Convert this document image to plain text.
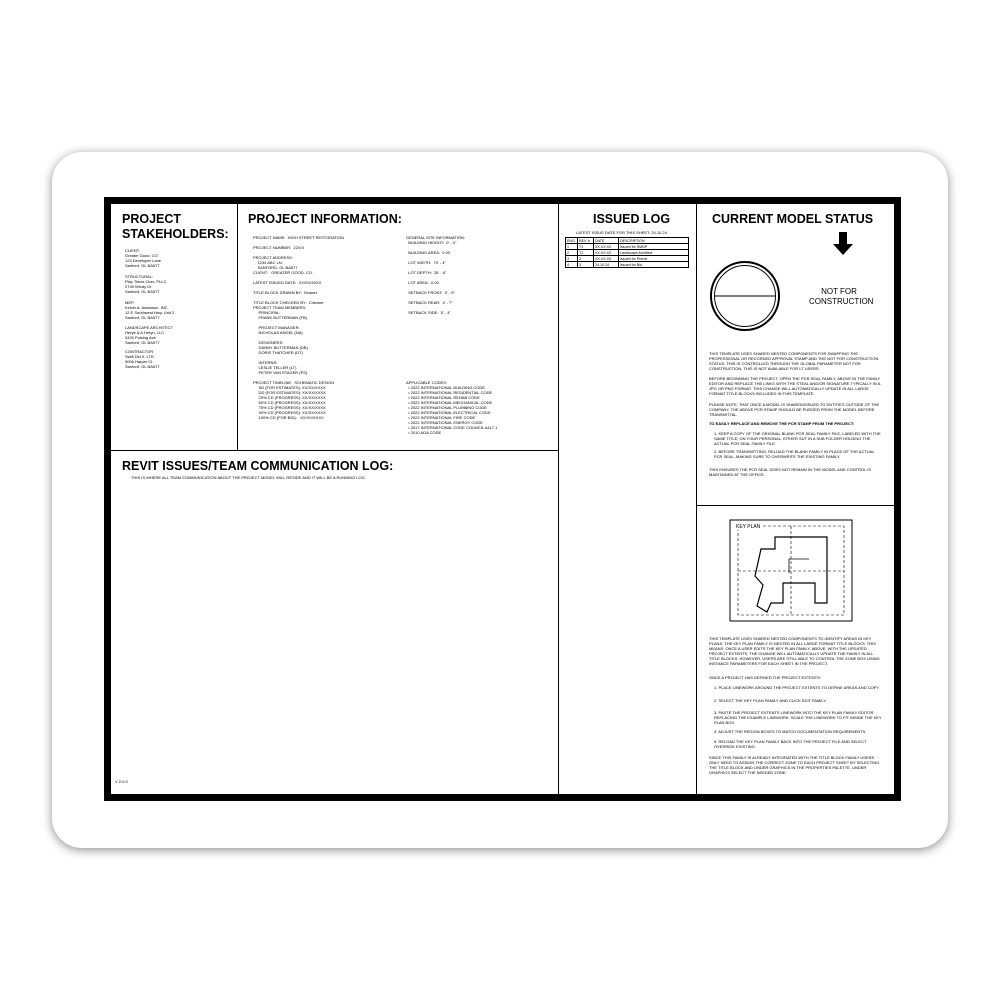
PROJECT
STAKEHOLDERS:
CLIENT:
Greater Good, CO
123 Developer Lane
Sanford, GL BA577
STRUCTURAL:
Play Times Over, PLLC
2749 Windy Dr
Sanford, GL BA577
MEP:
Kelvin A. Adamson, INC
12 E Southwest Hwy, Unit 2
Sanford, GL BA577
LANDSCAPE ARCHITECT
Herye & A Heryn, LLC
3420 Pulsing Ave
Sanford, GL BA577
CONTRACTOR:
Swift Dirt II, LTD
3006 Harper Ct
Sanford, GL BA577
PROJECT INFORMATION:
PROJECT NAME:  HIGH STREET RESTORATION

PROJECT NUMBER:  22/XX

PROJECT ADDRESS:
1234 ABC LN.
SANFORD, GL BA577
CLIENT:   GREATER GOOD, CO.

LATEST ISSUED DATE:  XX/XX/20XX

TITLE BLOCK DRAWN BY:  Drawer

TITLE BLOCK CHECKED BY:  Checker
PROJECT TEAM MEMBERS:
PRINCIPAL:
FRANK BUTTERMAN (FB)

PROJECT MANAGER:
NICHOLAS ANGEL (NA)

DESIGNERS:
DANNY BUTTERMAN (DB)
DORIS THATCHER (DT)

INTERNS:
LESLIE TELLER (LT)
PETER VAN STAGER (PS)
PROJECT TIMELINE:  SCHEMATIC DESIGN
SD (FOR ESTIMATES): XX/XX/XXXX
DD (FOR ESTIMATES): XX/XX/XXXX
25% CD (PROGRESS): XX/XX/XXXX
50% CD (PROGRESS): XX/XX/XXXX
75% CD (PROGRESS): XX/XX/XXXX
90% CD (PROGRESS): XX/XX/XXXX
100% CD (FOR BID):   XX/XX/XXXX
GENERAL SITE INFORMATION:
BUILDING HEIGHT:  0' - 0"

BUILDING AREA:  0.00

LOT WIDTH:  70' - 4"

LOT DEPTH:  26' - 6"

LOT AREA:  0.00

SETBACK FRONT:  5' - 5"

SETBACK REAR:  4' - 7"

SETBACK SIDE:  5' - 4"
APPLICABLE CODES:
• 2022 INTERNATIONAL BUILDING CODE
• 2022 INTERNATIONAL RESIDENTIAL CODE
• 2022 INTERNATIONAL REHAB CODE
• 2022 INTERNATIONAL MECHANICAL CODE
• 2022 INTERNATIONAL PLUMBING CODE
• 2022 INTERNATIONAL ELECTRICAL CODE
• 2022 INTERNATIONAL FIRE CODE
• 2022 INTERNATIONAL ENERGY CODE
• 2017 INTERNATIONAL CODE COUNCIL A117.1
• 2010 ADA CODE
REVIT ISSUES/TEAM COMMUNICATION LOG:
THIS IS WHERE ALL TEAM COMMUNICATION ABOUT THE PROJECT MODEL WILL RESIDE AND IT WILL BE A RUNNING LOG.
V 2.0.0
ISSUED LOG
LATEST ISSUE DATE FOR THIS SHEET: 24.10.24
ENG	REV. #	DATE	DESCRIPTION
1	T1	XX.XX.XX	Issued for SMDP
2	T2	XX.XX.XX	Landscape Architect
3	3	XX.XX.XX	Issued for Permit
4	3	24.10.24	Issued for Bid
CURRENT MODEL STATUS
NOT FOR
CONSTRUCTION
THIS TEMPLATE USES SHARED NESTED COMPONENTS FOR SWAPPING THE PROFESSIONAL OR RECORDED APPROVAL STAMP AND THE NOT FOR CONSTRUCTION STATUS. THIS IS CONTROLLED THROUGH THE GLOBAL PARAMETER NOT FOR CONSTRUCTION. THIS IS NOT AVAILABLE FOR LT USERS.
BEFORE BEGINNING THE PROJECT, OPEN THE PCR SEAL FAMILY, ABOVE IN THE FAMILY EDITOR AND REPLACE THE LINKS WITH THE STEAL AND/OR SIGNATURE TYPICALLY IN A JPG OR PNG FORMAT. THIS CHANGE WILL AUTOMATICALLY UPDATE IN ALL LARGE FORMAT TITLE BLOCKS INCLUDED IN THIS TEMPLATE.
PLEASE NOTE, THAT ONCE A MODEL IS SHARED/ISSUED TO ENTITIES OUTSIDE OF THE COMPANY, THE ABOVE PCR STAMP SHOULD BE PURGED FROM THE MODEL BEFORE TRANSMITTAL.
TO EASILY REPLACE AND REMOVE THE PCR STAMP FROM THE PROJECT:
1. KEEP A COPY OF THE ORIGINAL BLANK PCR SEAL FAMILY FILE, LABELED WITH THE SAME TITLE, ON YOUR PERSONAL, EITHER SUT IN A SUB FOLDER HOLDING THE ACTUAL PCR SEAL FAMILY FILE.
2. BEFORE TRANSMITTING, RELOAD THE BLANK FAMILY IN PLACE OF THE ACTUAL PCR SEAL, MAKING SURE TO OVERWRITE THE EXISTING FAMILY.
THIS ENSURES THE PCR SEAL DOES NOT REMAIN IN THE MODEL AND CONTROL IS MAINTAINED AT THE OFFICE.
KEY PLAN
THIS TEMPLATE USES SHARED NESTED COMPONENTS TO IDENTIFY AREAS IN KEY PLANS. THE KEY PLAN FAMILY IS NESTED IN ALL LARGE FORMAT TITLE BLOCKS. THIS MEANS, ONCE A USER EDITS THE KEY PLAN FAMILY, ABOVE, WITH THE UPDATED PROJECT EXTENTS, THE CHANGE WILL AUTOMATICALLY UPDATE THE FAMILY IN ALL TITLE BLOCKS. HOWEVER, USERS ARE STILL ABLE TO CONTROL THE ZONE BOX USING INSTANCE PARAMETERS FOR EACH SHEET IN THE PROJECT.
ONCE A PROJECT HAS DEFINED THE PROJECT EXTENTS:
1. PLACE LINEWORK AROUND THE PROJECT EXTENTS TO DEFINE AREAS AND COPY.
2. SELECT THE KEY PLAN FAMILY AND CLICK EDIT FAMILY.
3. PASTE THE PROJECT EXTENTS LINEWORK INTO THE KEY PLAN FAMILY EDITOR. REPLACING THE EXAMPLE LINEWORK. SCALE THE LINEWORK TO FIT INSIDE THE KEY PLAN BOX.
4. ADJUST THE REGION BOXES TO MATCH DOCUMENTATION REQUIREMENTS.
5. RELOAD THE KEY PLAN FAMILY BACK INTO THE PROJECT FILE AND SELECT OVERRIDE EXISTING.
SINCE THIS FAMILY IS ALREADY INTEGRATED WITH THE TITLE BLOCK FAMILY USERS ONLY NEED TO ASSIGN THE CORRECT ZONE TO EACH PROJECT SHEET BY SELECTING THE TITLE BLOCK AND UNDER GRAPHICS IN THE PROPERTIES PALETTE, UNDER GRAPHICS SELECT THE NEEDED ZONE.
